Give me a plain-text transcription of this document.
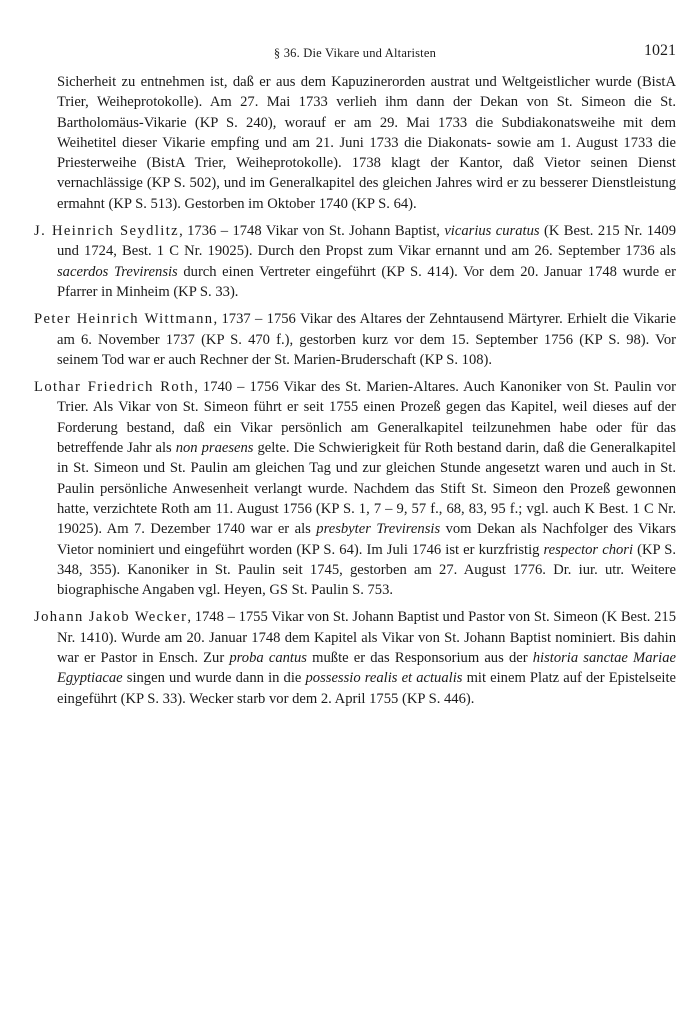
§ 36. Die Vikare und Altaristen	1021

Sicherheit zu entnehmen ist, daß er aus dem Kapuzinerorden austrat und Weltgeistlicher wurde (BistA Trier, Weiheprotokolle). Am 27. Mai 1733 verlieh ihm dann der Dekan von St. Simeon die St. Bartholomäus-Vikarie (KP S. 240), worauf er am 29. Mai 1733 die Subdiakonatsweihe mit dem Weihetitel dieser Vikarie empfing und am 21. Juni 1733 die Diakonats- sowie am 1. August 1733 die Priesterweihe (BistA Trier, Weiheprotokolle). 1738 klagt der Kantor, daß Vietor seinen Dienst vernachlässige (KP S. 502), und im Generalkapitel des gleichen Jahres wird er zu besserer Dienstleistung ermahnt (KP S. 513). Gestorben im Oktober 1740 (KP S. 64).

J. Heinrich Seydlitz, 1736 – 1748 Vikar von St. Johann Baptist, vicarius curatus (K Best. 215 Nr. 1409 und 1724, Best. 1 C Nr. 19025). Durch den Propst zum Vikar ernannt und am 26. September 1736 als sacerdos Trevirensis durch einen Vertreter eingeführt (KP S. 414). Vor dem 20. Januar 1748 wurde er Pfarrer in Minheim (KP S. 33).

Peter Heinrich Wittmann, 1737 – 1756 Vikar des Altares der Zehntausend Märtyrer. Erhielt die Vikarie am 6. November 1737 (KP S. 470 f.), gestorben kurz vor dem 15. September 1756 (KP S. 98). Vor seinem Tod war er auch Rechner der St. Marien-Bruderschaft (KP S. 108).

Lothar Friedrich Roth, 1740 – 1756 Vikar des St. Marien-Altares. Auch Kanoniker von St. Paulin vor Trier. Als Vikar von St. Simeon führt er seit 1755 einen Prozeß gegen das Kapitel, weil dieses auf der Forderung bestand, daß ein Vikar persönlich am Generalkapitel teilzunehmen habe oder für das betreffende Jahr als non praesens gelte. Die Schwierigkeit für Roth bestand darin, daß die Generalkapitel in St. Simeon und St. Paulin am gleichen Tag und zur gleichen Stunde angesetzt waren und auch in St. Paulin persönliche Anwesenheit verlangt wurde. Nachdem das Stift St. Simeon den Prozeß gewonnen hatte, verzichtete Roth am 11. August 1756 (KP S. 1, 7 – 9, 57 f., 68, 83, 95 f.; vgl. auch K Best. 1 C Nr. 19025). Am 7. Dezember 1740 war er als presbyter Trevirensis vom Dekan als Nachfolger des Vikars Vietor nominiert und eingeführt worden (KP S. 64). Im Juli 1746 ist er kurzfristig respector chori (KP S. 348, 355). Kanoniker in St. Paulin seit 1745, gestorben am 27. August 1776. Dr. iur. utr. Weitere biographische Angaben vgl. Heyen, GS St. Paulin S. 753.

Johann Jakob Wecker, 1748 – 1755 Vikar von St. Johann Baptist und Pastor von St. Simeon (K Best. 215 Nr. 1410). Wurde am 20. Januar 1748 dem Kapitel als Vikar von St. Johann Baptist nominiert. Bis dahin war er Pastor in Ensch. Zur proba cantus mußte er das Responsorium aus der historia sanctae Mariae Egyptiacae singen und wurde dann in die possessio realis et actualis mit einem Platz auf der Epistelseite eingeführt (KP S. 33). Wecker starb vor dem 2. April 1755 (KP S. 446).
